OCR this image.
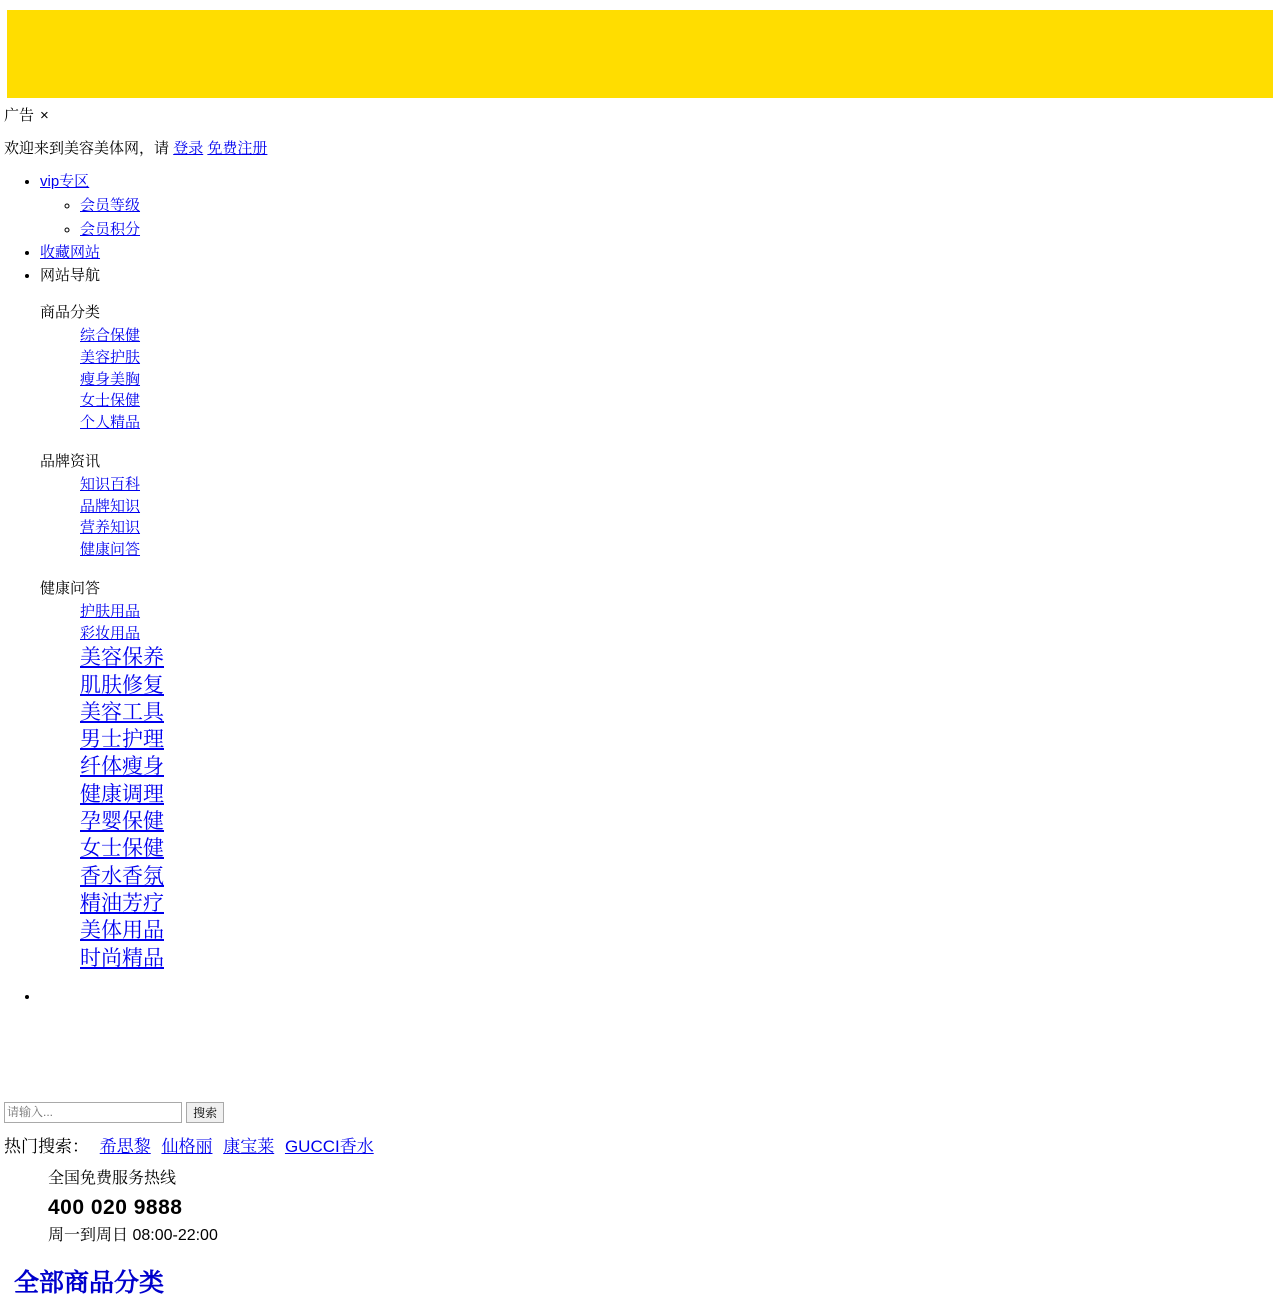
广告 ×
欢迎来到美容美体网，请 登录 免费注册
• vip专区
◦ 会员等级
◦ 会员积分
• 收藏网站
• 网站导航
商品分类
综合保健
美容护肤
瘦身美胸
女士保健
个人精品
品牌资讯
知识百科
品牌知识
营养知识
健康问答
健康问答
护肤用品
彩妆用品
美容保养
肌肤修复
美容工具
男士护理
纤体瘦身
健康调理
孕婴保健
女士保健
香水香氛
精油芳疗
美体用品
时尚精品
•
请输入... 搜索
热门搜索： 希思黎 仙格丽 康宝莱 GUCCI香水
全国免费服务热线
400 020 9888
周一到周日 08:00-22:00
全部商品分类
